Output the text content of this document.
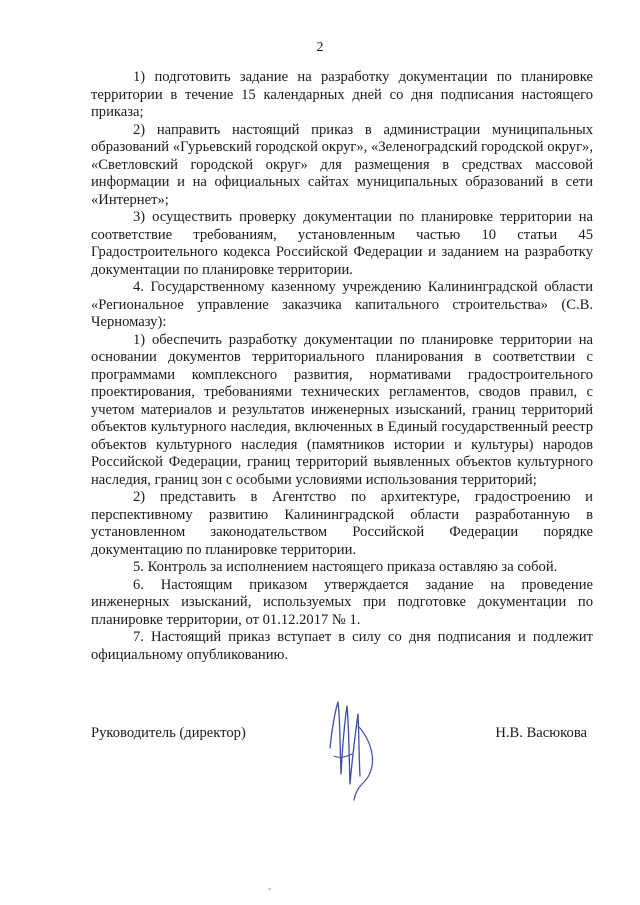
2

1) подготовить задание на разработку документации по планировке территории в течение 15 календарных дней со дня подписания настоящего приказа;

2) направить настоящий приказ в администрации муниципальных образований «Гурьевский городской округ», «Зеленоградский городской округ», «Светловский городской округ» для размещения в средствах массовой информации и на официальных сайтах муниципальных образований в сети «Интернет»;

3) осуществить проверку документации по планировке территории на соответствие требованиям, установленным частью 10 статьи 45 Градостроительного кодекса Российской Федерации и заданием на разработку документации по планировке территории.

4. Государственному казенному учреждению Калининградской области «Региональное управление заказчика капитального строительства» (С.В. Черномазу):

1) обеспечить разработку документации по планировке территории на основании документов территориального планирования в соответствии с программами комплексного развития, нормативами градостроительного проектирования, требованиями технических регламентов, сводов правил, с учетом материалов и результатов инженерных изысканий, границ территорий объектов культурного наследия, включенных в Единый государственный реестр объектов культурного наследия (памятников истории и культуры) народов Российской Федерации, границ территорий выявленных объектов культурного наследия, границ зон с особыми условиями использования территорий;

2) представить в Агентство по архитектуре, градостроению и перспективному развитию Калининградской области разработанную в установленном законодательством Российской Федерации порядке документацию по планировке территории.

5. Контроль за исполнением настоящего приказа оставляю за собой.

6. Настоящим приказом утверждается задание на проведение инженерных изысканий, используемых при подготовке документации по планировке территории, от 01.12.2017 № 1.

7. Настоящий приказ вступает в силу со дня подписания и подлежит официальному опубликованию.

Руководитель (директор)	Н.В. Васюкова
